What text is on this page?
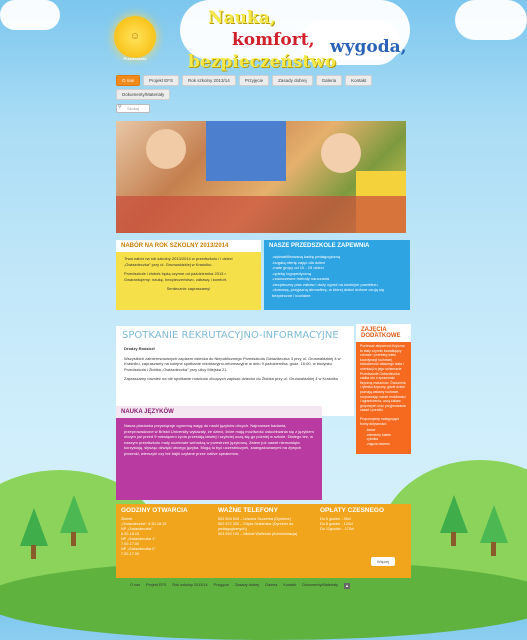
☺
Przedszkole
Nauka,
komfort,
bezpieczeństwo
wygoda,
O nas	Projekt EFS	Rok szkolny 2013/14	Przyjęcie	Zasady dobrej	Galeria	Kontakt
Dokumenty/Materiały
Szukaj
⚲
NABÓR NA ROK SZKOLNY 2013/2014
Trwa nabór na rok szkolny 2013/2014 w przedszkolu i i dzieci „Gwiazdeczka” przy ul. Grunwaldzkiej w Kraśniku.
Przedszkole i żłobek będą czynne od października 2013 r. Gwarantujemy: naukę, bezpieczeństwo, zabawę i komfort.
Serdecznie zapraszamy!
NASZE PRZEDSZKOLE ZAPEWNIA
-wykwalifikowaną kadrę pedagogiczną
-bogatą ofertę zajęć dla dzieci
-małe grupy od 10 - 15 dzieci
-opiekę logopedyczną
-nowoczesne metody nauczania
-bezpieczny plac zabaw i duży ogród na świeżym powietrzu
-domową, przyjazną atmosferę, w której dzieci dobrze czują się bezpieczne i kochane
SPOTKANIE REKRUTACYJNO-INFORMACYJNE
Drodzy Rodzice!
Wszystkich zainteresowanych zapisem dziecka do Niepublicznego Przedszkola Gwiazdeczka 3 przy ul. Grunwaldzkiej 4 w Kraśniku, zapraszamy na kolejne spotkanie rekrutacyjno-informacyjne w dniu 9 października, godz. 16:00, w budynku Przedszkola i Żłobka „Gwiazdeczka” przy ulicy Miejska 21.
Zapraszamy również na nie spotkanie rodziców chcących zapisać dziecko do Żłobka przy ul. Grunwaldzkiej 4 w Kraśniku
ZAJĘCIA DODATKOWE
Ponieważ aktywność fizyczna to stały czynnik kształtujący zdrowie i przebieg wielu koordynacji ruchowej, świadomość własnego ciała i orientacji w jego schemacie Przedszkole Gwiazdeczka zadba oto o sprawność fizyczną maluchów. Ćwiczenia i rytmika fizyczny, gdzie dzieci poznają zabawy ruchowe, rozpoznając nasze możliwości i ograniczenia, uczą zabaw grupowych oraz przyjmowania zasad i porażki.
Proponujemy następujące formy aktywności:
-tańce
-elementy baletu
-rytmika
-zajęcia baseno
NAUKA JĘZYKÓW
Nasza placówka przywiązuje ogromną wagę do nauki języków obcych. Najnowsze badania, przeprowadzone w Bristol University wykazały, że dzieci, które mają możliwość osłuchiwania się z językiem obcym już przed 9 miesiącem życia przestają łatwiej i szybciej uczą się go później w szkole. Dlatego też, w naszym przedszkolu mały uczniowie wchodzą w przestrzeń językową. Zatem już nawet niemowlęta korzystają, słysząc dźwięki obcego języka. Mogą tu być uczestniczymi, zaangażowanymi na żywych piosenki, wierszyki czy też bajki czytane przez native speakerów.
GODZINY OTWARCIA
Żłobek
„Gwiazdeczka”: 6.30-18.15
NP „Gwiazdeczka”
6.30-18.15
NP „Gwiazdeczka 1”
7.00-17.00
NP „Gwiazdeczka 2”
7.00-17.00
WAŻNE TELEFONY
502 504 543 – Urszula Szczerba (Dyrektor)
502 672 320 – Edyta Grabińska (Dyrektor ds. pedagogicznych)
503 593 100 – Michał Walterski (Administracja)
OPŁATY CZESNEGO
Do 5 godzin - 90zł
Do 8 godzin - 120zł
Do 12godzin - 170zł
Więcej
O nas Projekt EFS Rok szkolny 2013/14 Przyjęcie Zasady dobrej Galeria Kontakt Dokumenty/Materiały ▲
